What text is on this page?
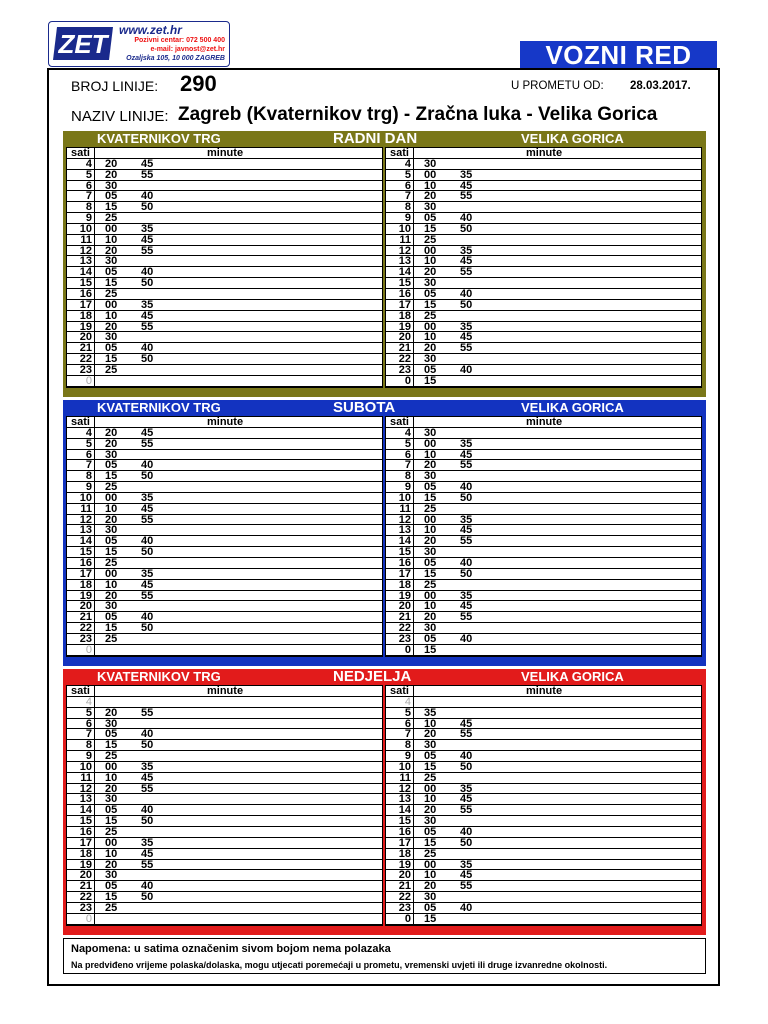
ZET www.zet.hr
Pozivni centar: 072 500 400
e-mail: javnost@zet.hr
Ozaljska 105, 10 000 ZAGREB	VOZNI RED
BROJ LINIJE: 290	U PROMETU OD: 28.03.2017.
NAZIV LINIJE: Zagreb (Kvaternikov trg) - Zračna luka - Velika Gorica
KVATERNIKOV TRG	RADNI DAN	VELIKA GORICA
sati	minute
4 20 45
5 20 55
6 30
7 05 40
8 15 50
9 25
10 00 35
11 10 45
12 20 55
13 30
14 05 40
15 15 50
16 25
17 00 35
18 10 45
19 20 55
20 30
21 05 40
22 15 50
23 25
0
sati	minute
4 30
5 00 35
6 10 45
7 20 55
8 30
9 05 40
10 15 50
11 25
12 00 35
13 10 45
14 20 55
15 30
16 05 40
17 15 50
18 25
19 00 35
20 10 45
21 20 55
22 30
23 05 40
0 15
KVATERNIKOV TRG	SUBOTA	VELIKA GORICA
sati	minute
4 20 45
5 20 55
6 30
7 05 40
8 15 50
9 25
10 00 35
11 10 45
12 20 55
13 30
14 05 40
15 15 50
16 25
17 00 35
18 10 45
19 20 55
20 30
21 05 40
22 15 50
23 25
0
sati	minute
4 30
5 00 35
6 10 45
7 20 55
8 30
9 05 40
10 15 50
11 25
12 00 35
13 10 45
14 20 55
15 30
16 05 40
17 15 50
18 25
19 00 35
20 10 45
21 20 55
22 30
23 05 40
0 15
KVATERNIKOV TRG	NEDJELJA	VELIKA GORICA
sati	minute
4
5 20 55
6 30
7 05 40
8 15 50
9 25
10 00 35
11 10 45
12 20 55
13 30
14 05 40
15 15 50
16 25
17 00 35
18 10 45
19 20 55
20 30
21 05 40
22 15 50
23 25
0
sati	minute
4
5 35
6 10 45
7 20 55
8 30
9 05 40
10 15 50
11 25
12 00 35
13 10 45
14 20 55
15 30
16 05 40
17 15 50
18 25
19 00 35
20 10 45
21 20 55
22 30
23 05 40
0 15
Napomena: u satima označenim sivom bojom nema polazaka
Na predviđeno vrijeme polaska/dolaska, mogu utjecati poremećaji u prometu, vremenski uvjeti ili druge izvanredne okolnosti.
